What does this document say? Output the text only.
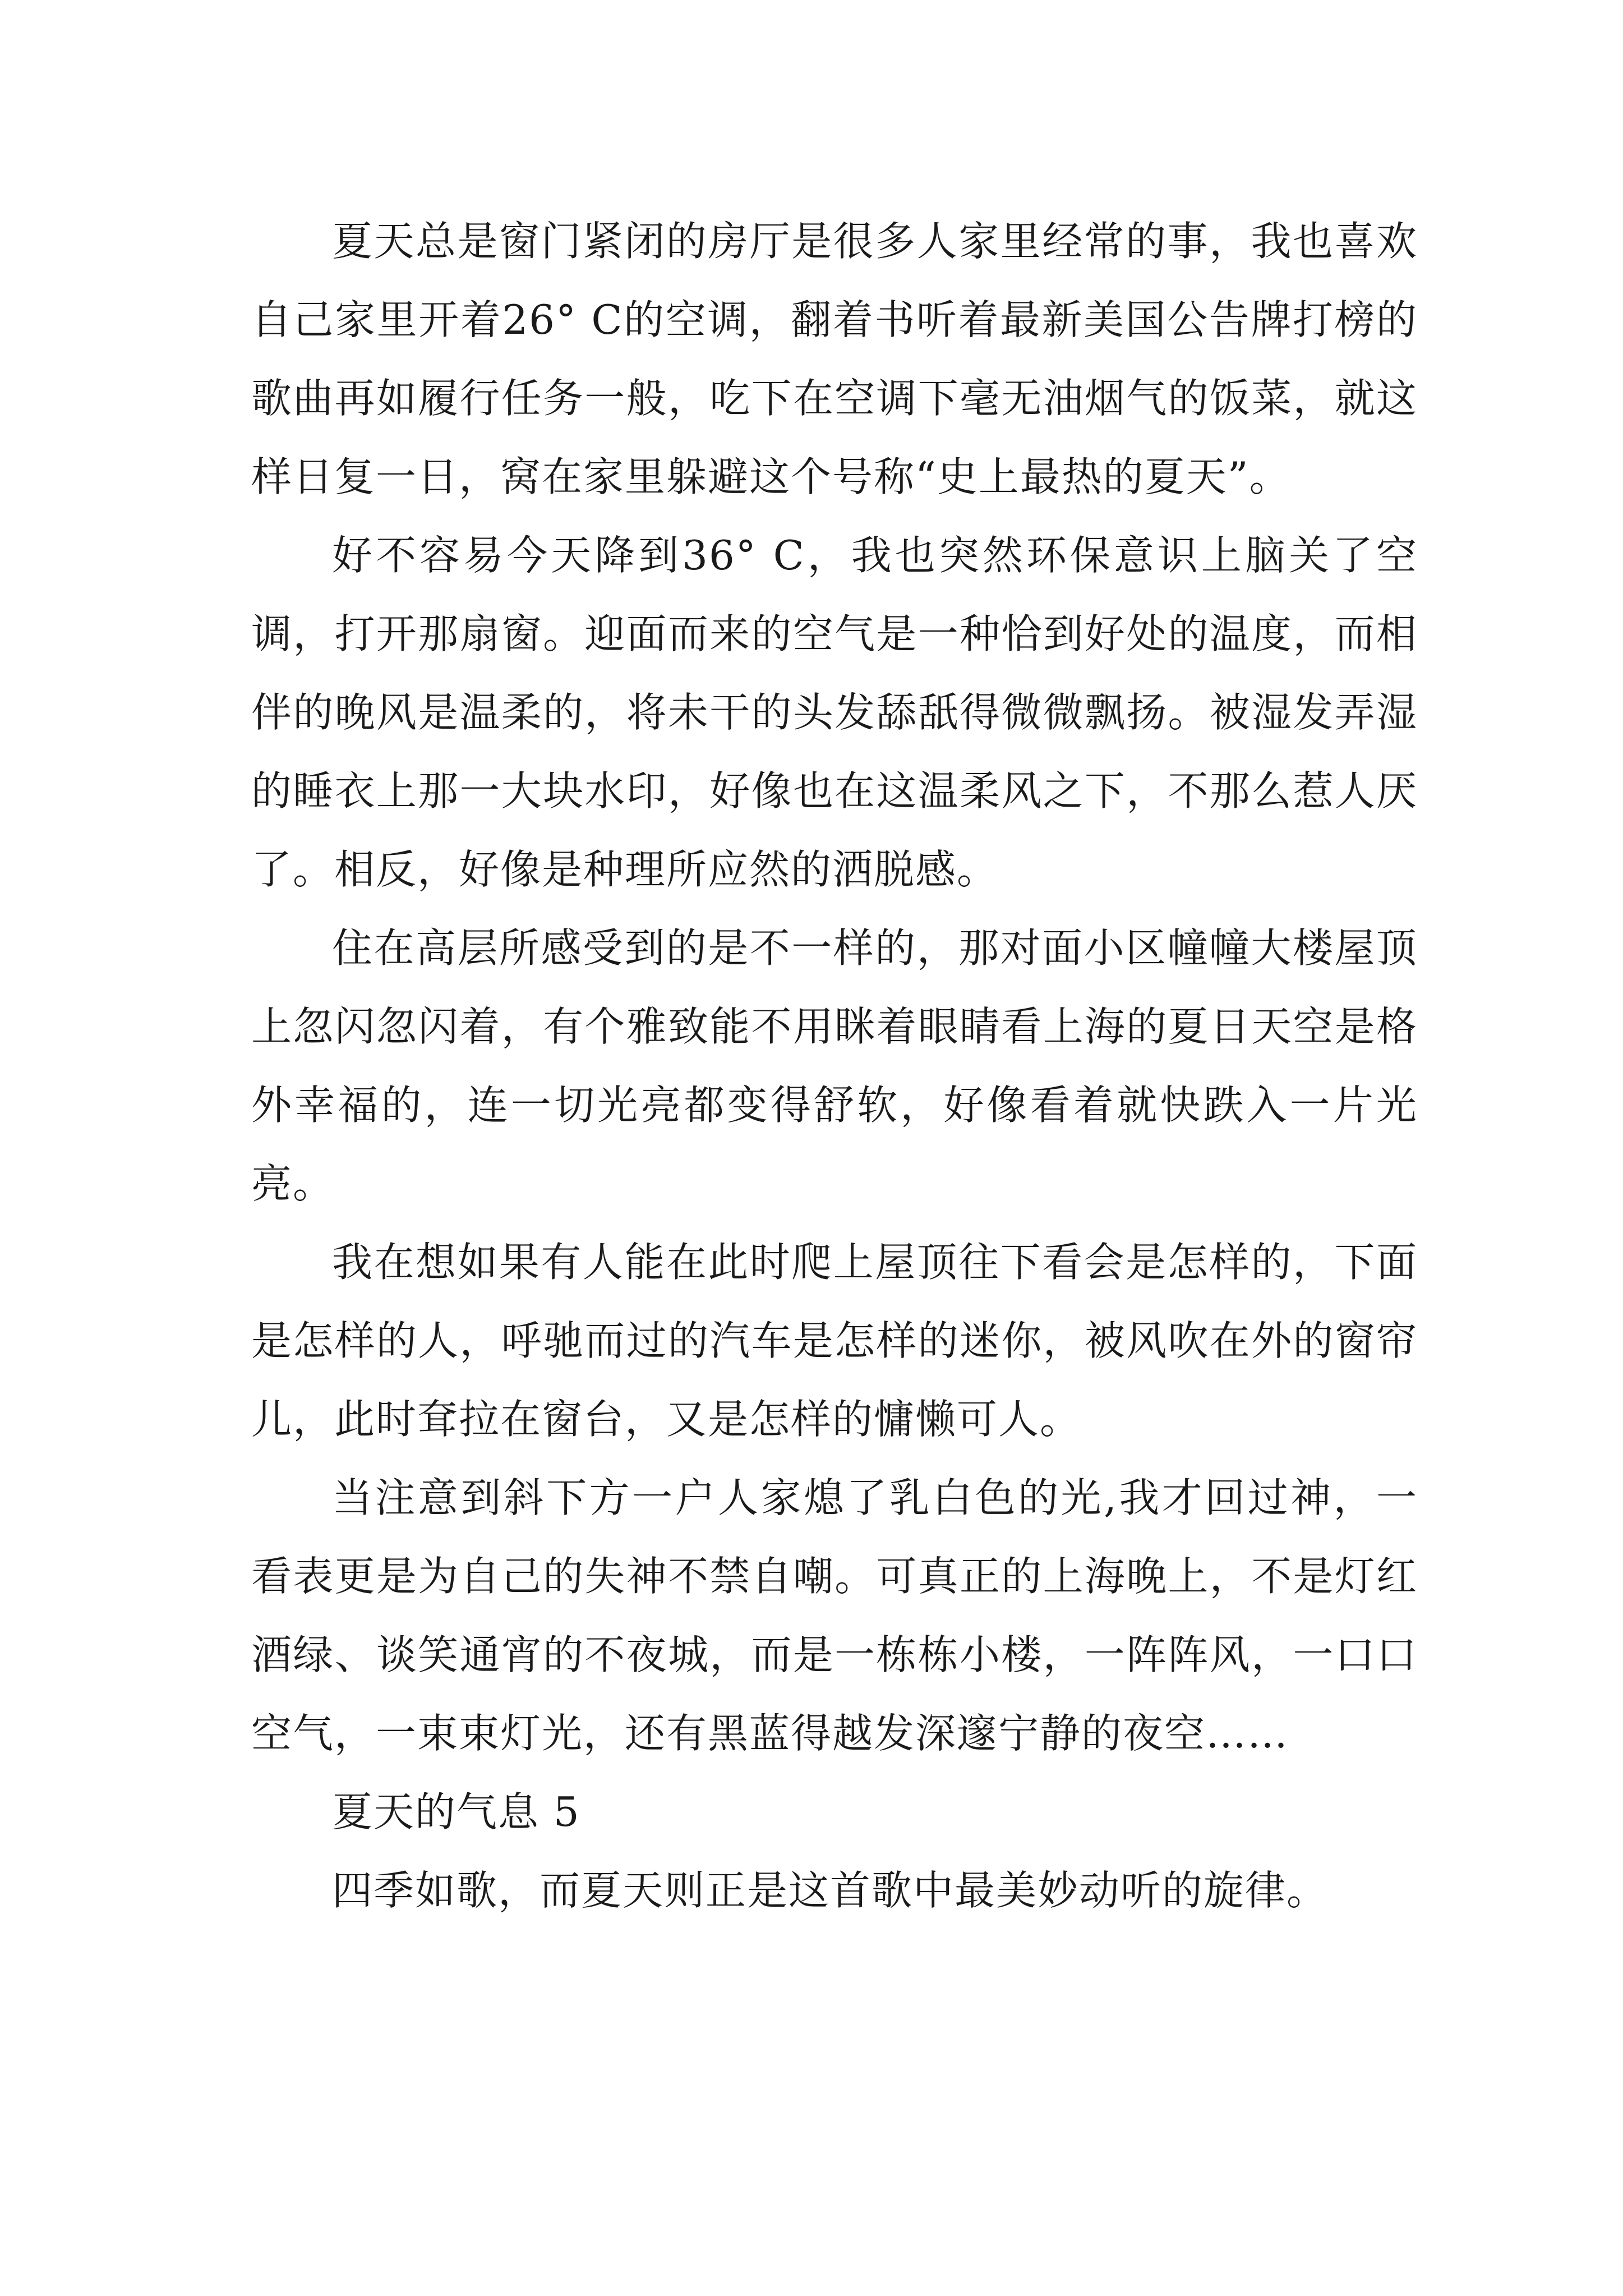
夏天总是窗门紧闭的房厅是很多人家里经常的事，我也喜欢自己家里开着26° C的空调，翻着书听着最新美国公告牌打榜的歌曲再如履行任务一般，吃下在空调下毫无油烟气的饭菜，就这样日复一日，窝在家里躲避这个号称“史上最热的夏天”。

好不容易今天降到36° C，我也突然环保意识上脑关了空调，打开那扇窗。迎面而来的空气是一种恰到好处的温度，而相伴的晚风是温柔的，将未干的头发舔舐得微微飘扬。被湿发弄湿的睡衣上那一大块水印，好像也在这温柔风之下，不那么惹人厌了。相反，好像是种理所应然的洒脱感。

住在高层所感受到的是不一样的，那对面小区幢幢大楼屋顶上忽闪忽闪着，有个雅致能不用眯着眼睛看上海的夏日天空是格外幸福的，连一切光亮都变得舒软，好像看着就快跌入一片光亮。

我在想如果有人能在此时爬上屋顶往下看会是怎样的，下面是怎样的人，呼驰而过的汽车是怎样的迷你，被风吹在外的窗帘儿，此时耷拉在窗台，又是怎样的慵懒可人。

当注意到斜下方一户人家熄了乳白色的光,我才回过神，一看表更是为自己的失神不禁自嘲。可真正的上海晚上，不是灯红酒绿、谈笑通宵的不夜城，而是一栋栋小楼，一阵阵风，一口口空气，一束束灯光，还有黑蓝得越发深邃宁静的夜空……

夏天的气息 5

四季如歌，而夏天则正是这首歌中最美妙动听的旋律。
